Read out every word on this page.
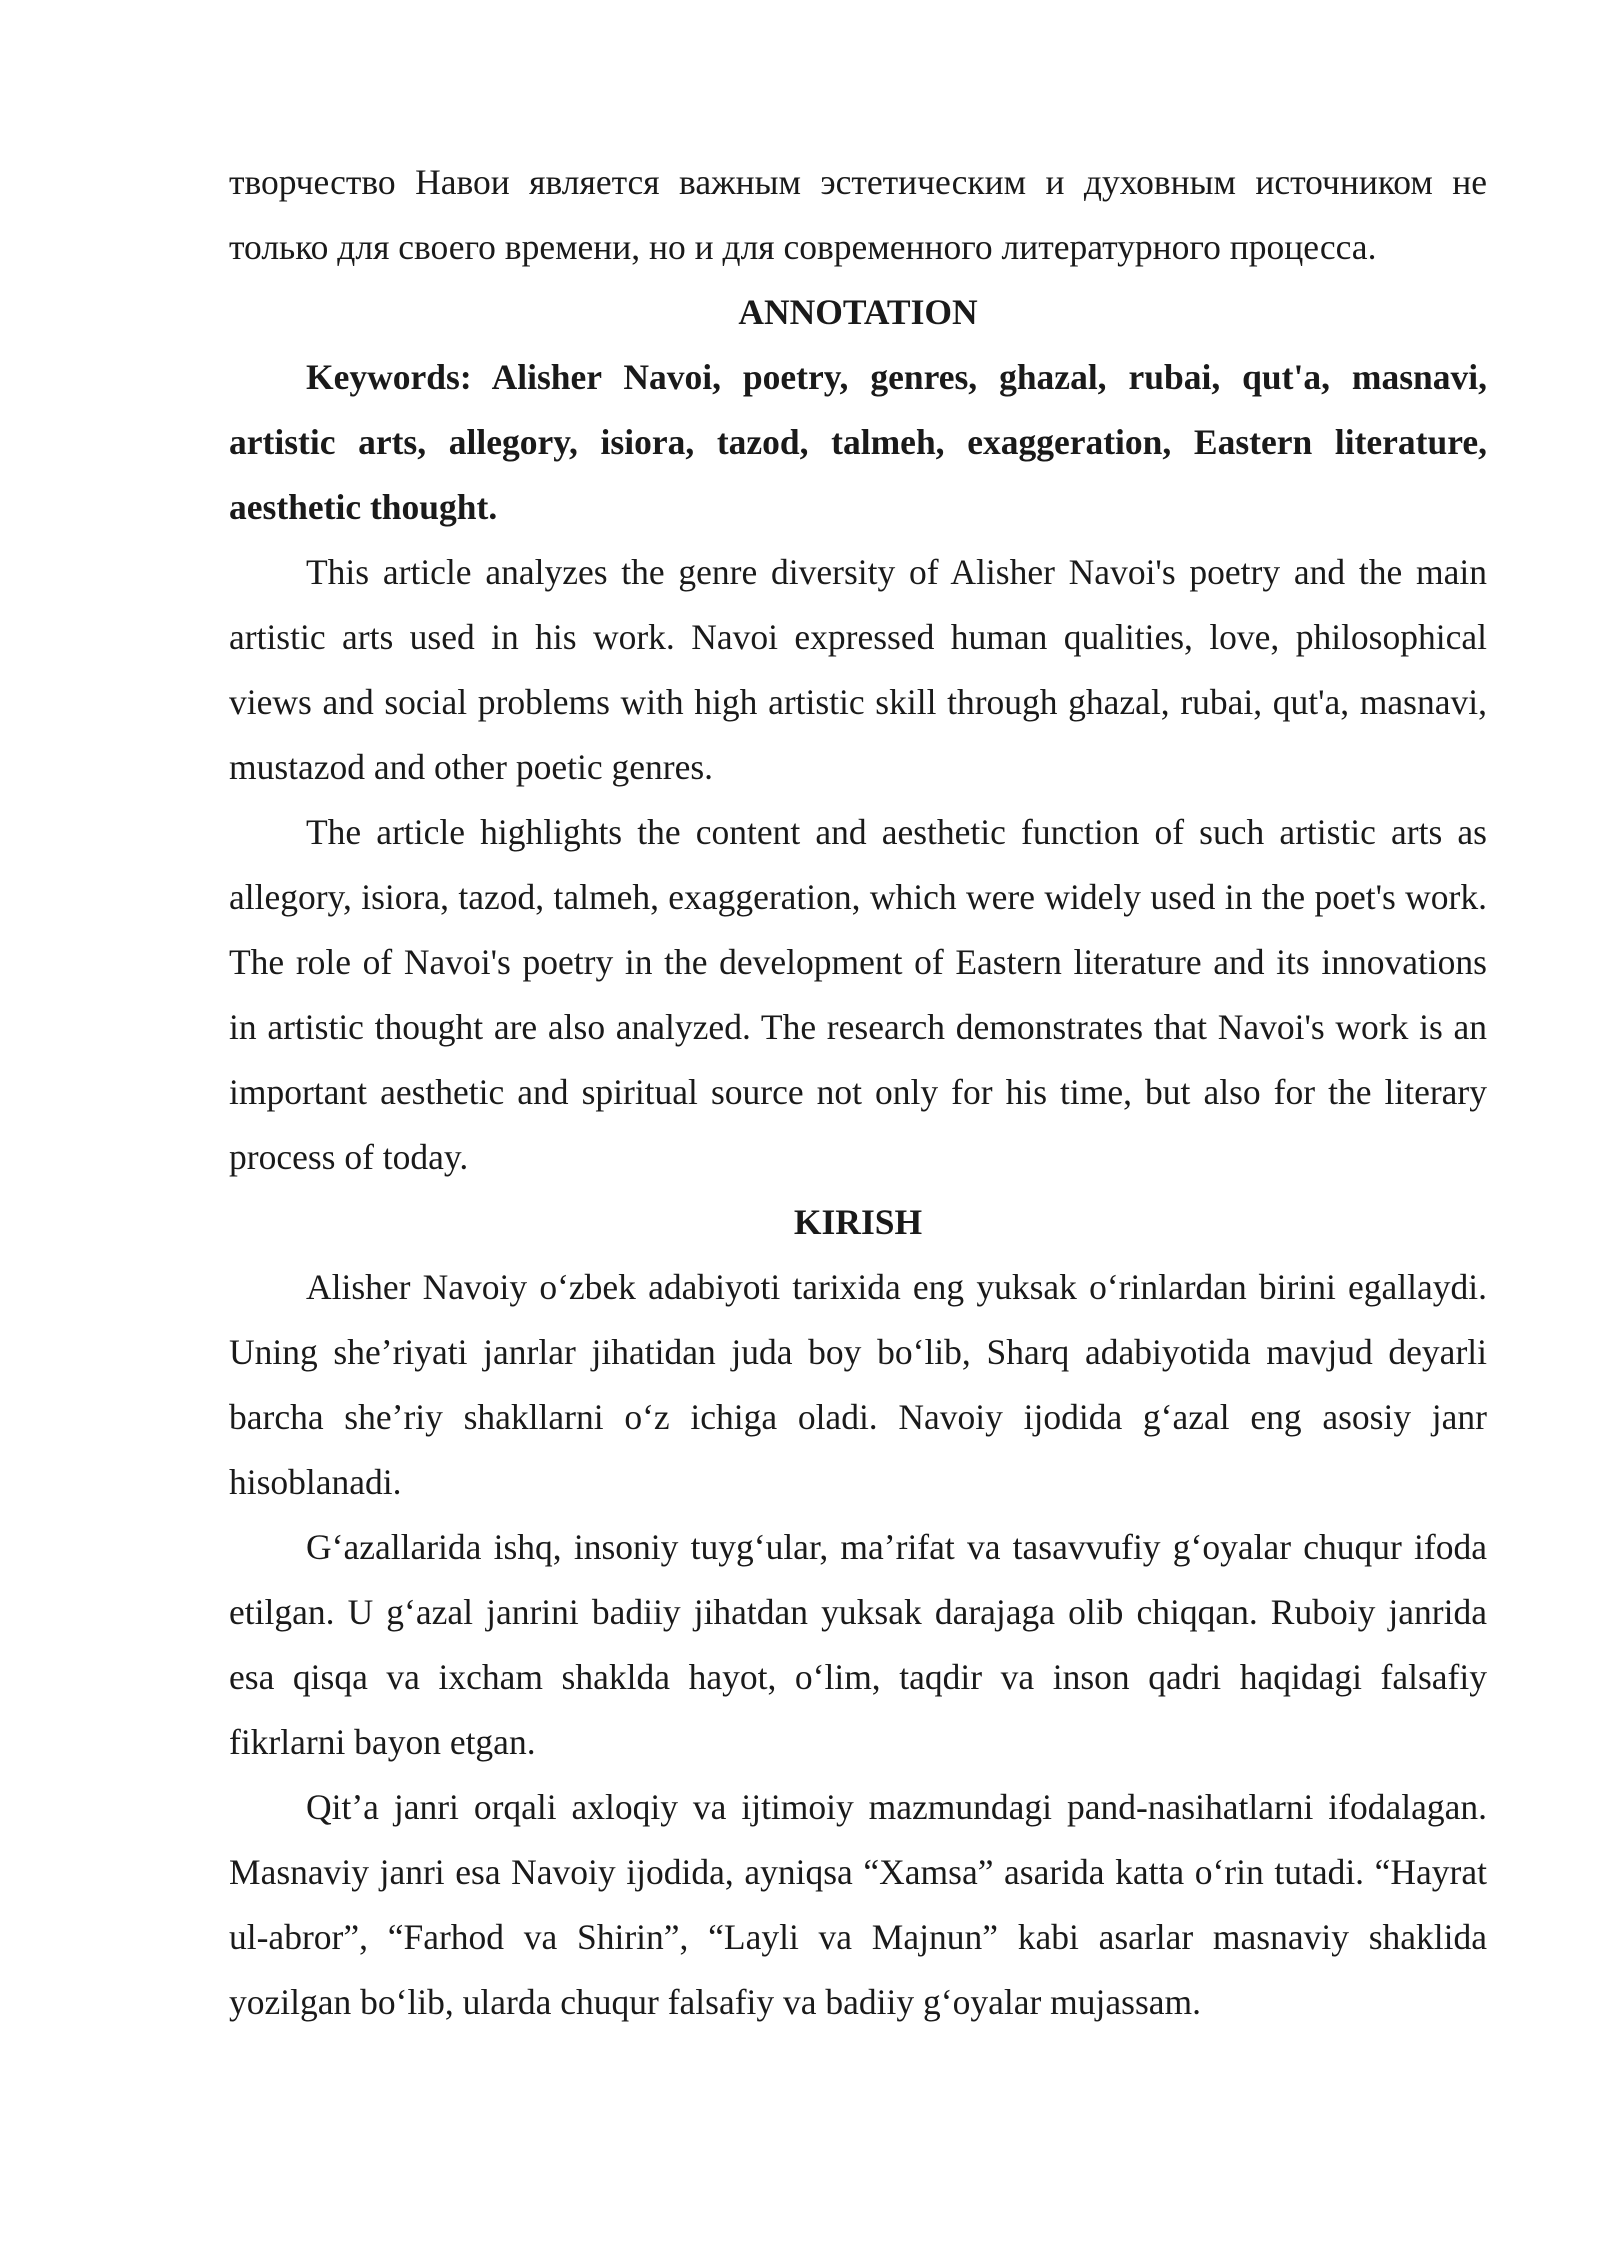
творчество Навои является важным эстетическим и духовным источником не только для своего времени, но и для современного литературного процесса.

ANNOTATION

Keywords: Alisher Navoi, poetry, genres, ghazal, rubai, qut'a, masnavi, artistic arts, allegory, isiora, tazod, talmeh, exaggeration, Eastern literature, aesthetic thought.

This article analyzes the genre diversity of Alisher Navoi's poetry and the main artistic arts used in his work. Navoi expressed human qualities, love, philosophical views and social problems with high artistic skill through ghazal, rubai, qut'a, masnavi, mustazod and other poetic genres.

The article highlights the content and aesthetic function of such artistic arts as allegory, isiora, tazod, talmeh, exaggeration, which were widely used in the poet's work. The role of Navoi's poetry in the development of Eastern literature and its innovations in artistic thought are also analyzed. The research demonstrates that Navoi's work is an important aesthetic and spiritual source not only for his time, but also for the literary process of today.

KIRISH

Alisher Navoiy oʻzbek adabiyoti tarixida eng yuksak oʻrinlardan birini egallaydi. Uning sheʼriyati janrlar jihatidan juda boy boʻlib, Sharq adabiyotida mavjud deyarli barcha sheʼriy shakllarni oʻz ichiga oladi. Navoiy ijodida gʻazal eng asosiy janr hisoblanadi.

Gʻazallarida ishq, insoniy tuygʻular, maʼrifat va tasavvufiy gʻoyalar chuqur ifoda etilgan. U gʻazal janrini badiiy jihatdan yuksak darajaga olib chiqqan. Ruboiy janrida esa qisqa va ixcham shaklda hayot, oʻlim, taqdir va inson qadri haqidagi falsafiy fikrlarni bayon etgan.

Qitʼa janri orqali axloqiy va ijtimoiy mazmundagi pand-nasihatlarni ifodalagan. Masnaviy janri esa Navoiy ijodida, ayniqsa “Xamsa” asarida katta oʻrin tutadi. “Hayrat ul-abror”, “Farhod va Shirin”, “Layli va Majnun” kabi asarlar masnaviy shaklida yozilgan boʻlib, ularda chuqur falsafiy va badiiy gʻoyalar mujassam.
